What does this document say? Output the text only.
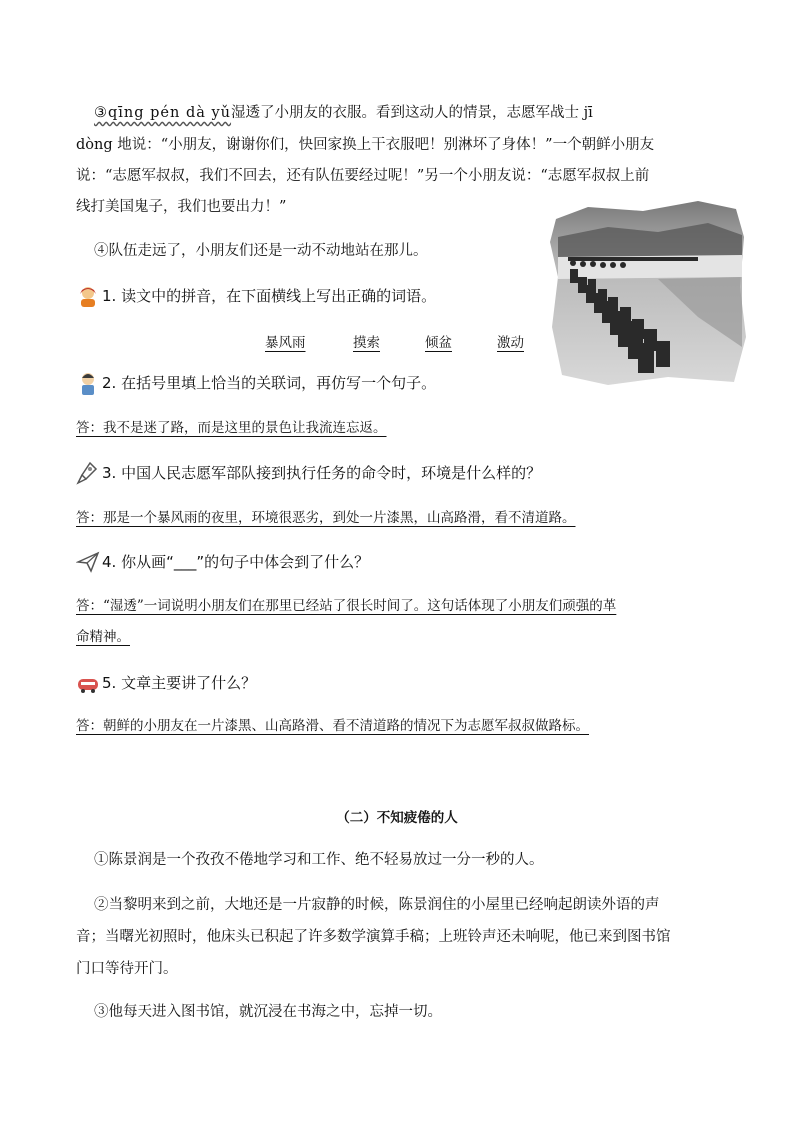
③qīng pén dà yǔ湿透了小朋友的衣服。看到这动人的情景，志愿军战士 jī
dòng 地说：“小朋友，谢谢你们，快回家换上干衣服吧！别淋坏了身体！”一个朝鲜小朋友
说：“志愿军叔叔，我们不回去，还有队伍要经过呢！”另一个小朋友说：“志愿军叔叔上前
线打美国鬼子，我们也要出力！”
④队伍走远了，小朋友们还是一动不动地站在那儿。
1. 读文中的拼音，在下面横线上写出正确的词语。
暴风雨	摸索	倾盆	激动
2. 在括号里填上恰当的关联词，再仿写一个句子。
答：我不是迷了路，而是这里的景色让我流连忘返。
3. 中国人民志愿军部队接到执行任务的命令时，环境是什么样的？
答：那是一个暴风雨的夜里，环境很恶劣，到处一片漆黑，山高路滑，看不清道路。
4. 你从画“___”的句子中体会到了什么？
答：“湿透”一词说明小朋友们在那里已经站了很长时间了。这句话体现了小朋友们顽强的革
命精神。
5. 文章主要讲了什么？
答：朝鲜的小朋友在一片漆黑、山高路滑、看不清道路的情况下为志愿军叔叔做路标。
（二）不知疲倦的人
①陈景润是一个孜孜不倦地学习和工作、绝不轻易放过一分一秒的人。
②当黎明来到之前，大地还是一片寂静的时候，陈景润住的小屋里已经响起朗读外语的声
音；当曙光初照时，他床头已积起了许多数学演算手稿；上班铃声还未响呢，他已来到图书馆
门口等待开门。
③他每天进入图书馆，就沉浸在书海之中，忘掉一切。
